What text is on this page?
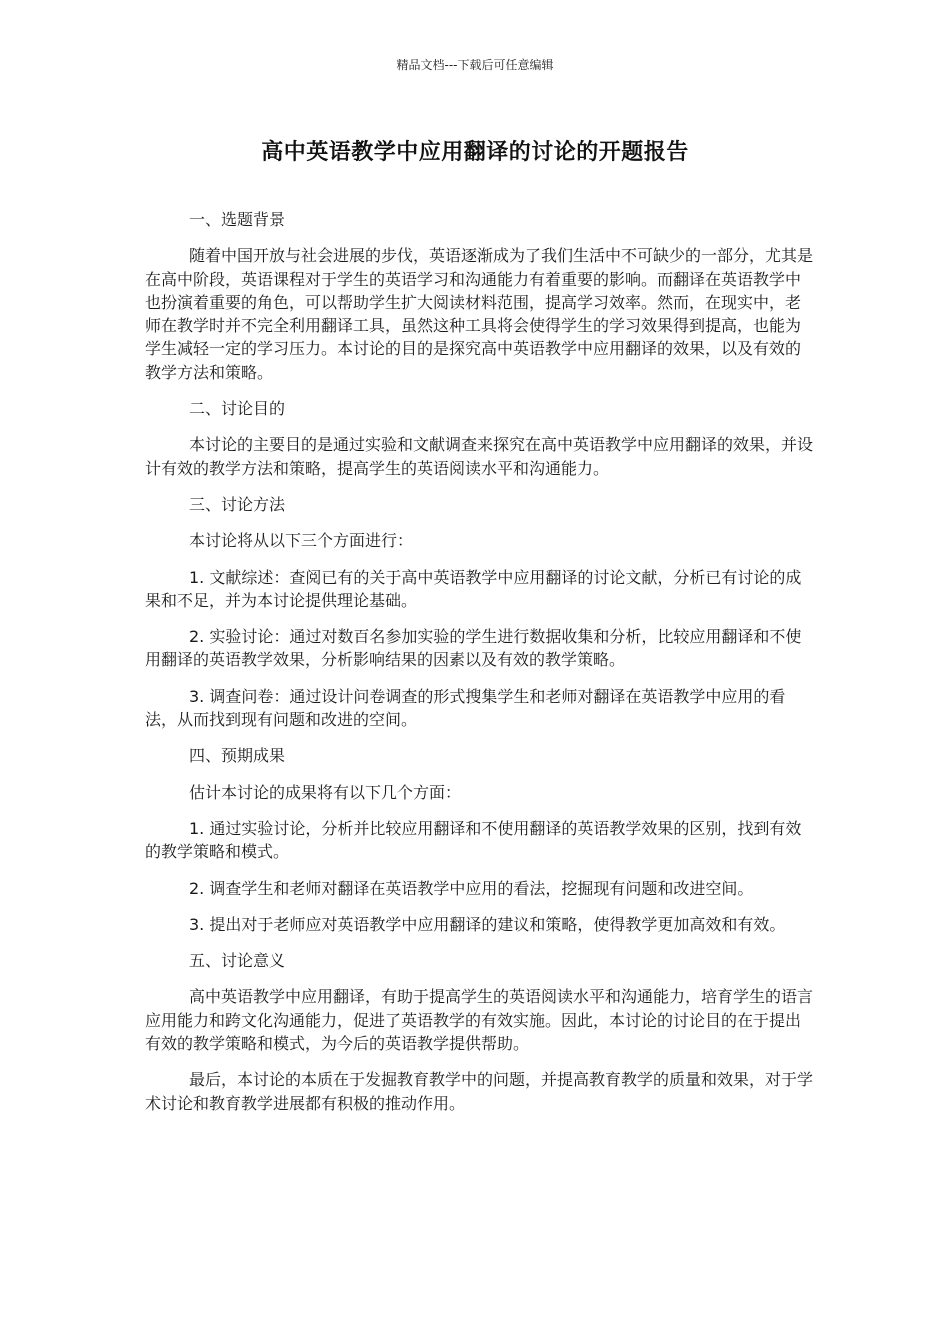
精品文档---下载后可任意编辑
高中英语教学中应用翻译的讨论的开题报告

一、选题背景

随着中国开放与社会进展的步伐，英语逐渐成为了我们生活中不可缺少的一部分，尤其是在高中阶段，英语课程对于学生的英语学习和沟通能力有着重要的影响。而翻译在英语教学中也扮演着重要的角色，可以帮助学生扩大阅读材料范围，提高学习效率。然而，在现实中，老师在教学时并不完全利用翻译工具，虽然这种工具将会使得学生的学习效果得到提高，也能为学生减轻一定的学习压力。本讨论的目的是探究高中英语教学中应用翻译的效果，以及有效的教学方法和策略。

二、讨论目的

本讨论的主要目的是通过实验和文献调查来探究在高中英语教学中应用翻译的效果，并设计有效的教学方法和策略，提高学生的英语阅读水平和沟通能力。

三、讨论方法

本讨论将从以下三个方面进行：

1. 文献综述：查阅已有的关于高中英语教学中应用翻译的讨论文献，分析已有讨论的成果和不足，并为本讨论提供理论基础。

2. 实验讨论：通过对数百名参加实验的学生进行数据收集和分析，比较应用翻译和不使用翻译的英语教学效果，分析影响结果的因素以及有效的教学策略。

3. 调查问卷：通过设计问卷调查的形式搜集学生和老师对翻译在英语教学中应用的看法，从而找到现有问题和改进的空间。

四、预期成果

估计本讨论的成果将有以下几个方面：

1. 通过实验讨论，分析并比较应用翻译和不使用翻译的英语教学效果的区别，找到有效的教学策略和模式。

2. 调查学生和老师对翻译在英语教学中应用的看法，挖掘现有问题和改进空间。

3. 提出对于老师应对英语教学中应用翻译的建议和策略，使得教学更加高效和有效。

五、讨论意义

高中英语教学中应用翻译，有助于提高学生的英语阅读水平和沟通能力，培育学生的语言应用能力和跨文化沟通能力，促进了英语教学的有效实施。因此，本讨论的讨论目的在于提出有效的教学策略和模式，为今后的英语教学提供帮助。

最后，本讨论的本质在于发掘教育教学中的问题，并提高教育教学的质量和效果，对于学术讨论和教育教学进展都有积极的推动作用。
